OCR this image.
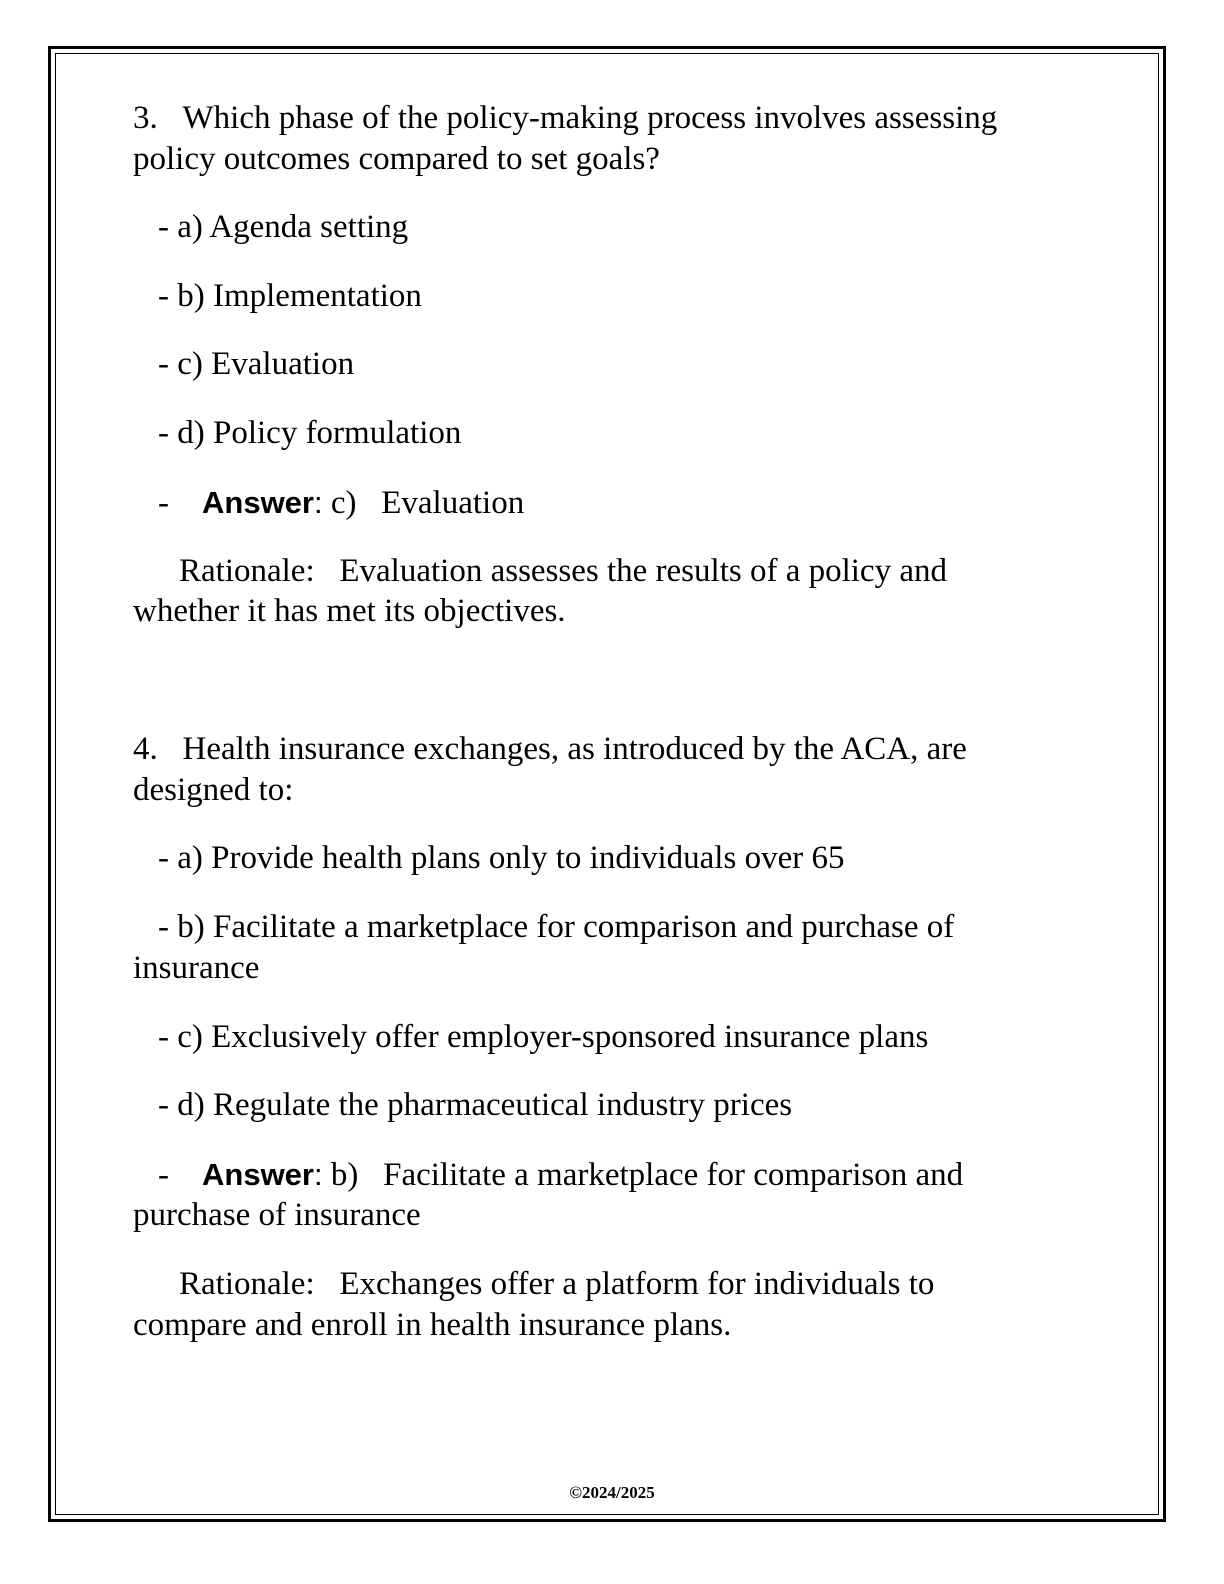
3. Which phase of the policy-making process involves assessing
policy outcomes compared to set goals?
- a) Agenda setting
- b) Implementation
- c) Evaluation
- d) Policy formulation
- Answer: c)   Evaluation
Rationale:   Evaluation assesses the results of a policy and
whether it has met its objectives.
4. Health insurance exchanges, as introduced by the ACA, are
designed to:
- a) Provide health plans only to individuals over 65
- b) Facilitate a marketplace for comparison and purchase of
insurance
- c) Exclusively offer employer-sponsored insurance plans
- d) Regulate the pharmaceutical industry prices
- Answer: b)   Facilitate a marketplace for comparison and
purchase of insurance
Rationale:   Exchanges offer a platform for individuals to
compare and enroll in health insurance plans.
©2024/2025
